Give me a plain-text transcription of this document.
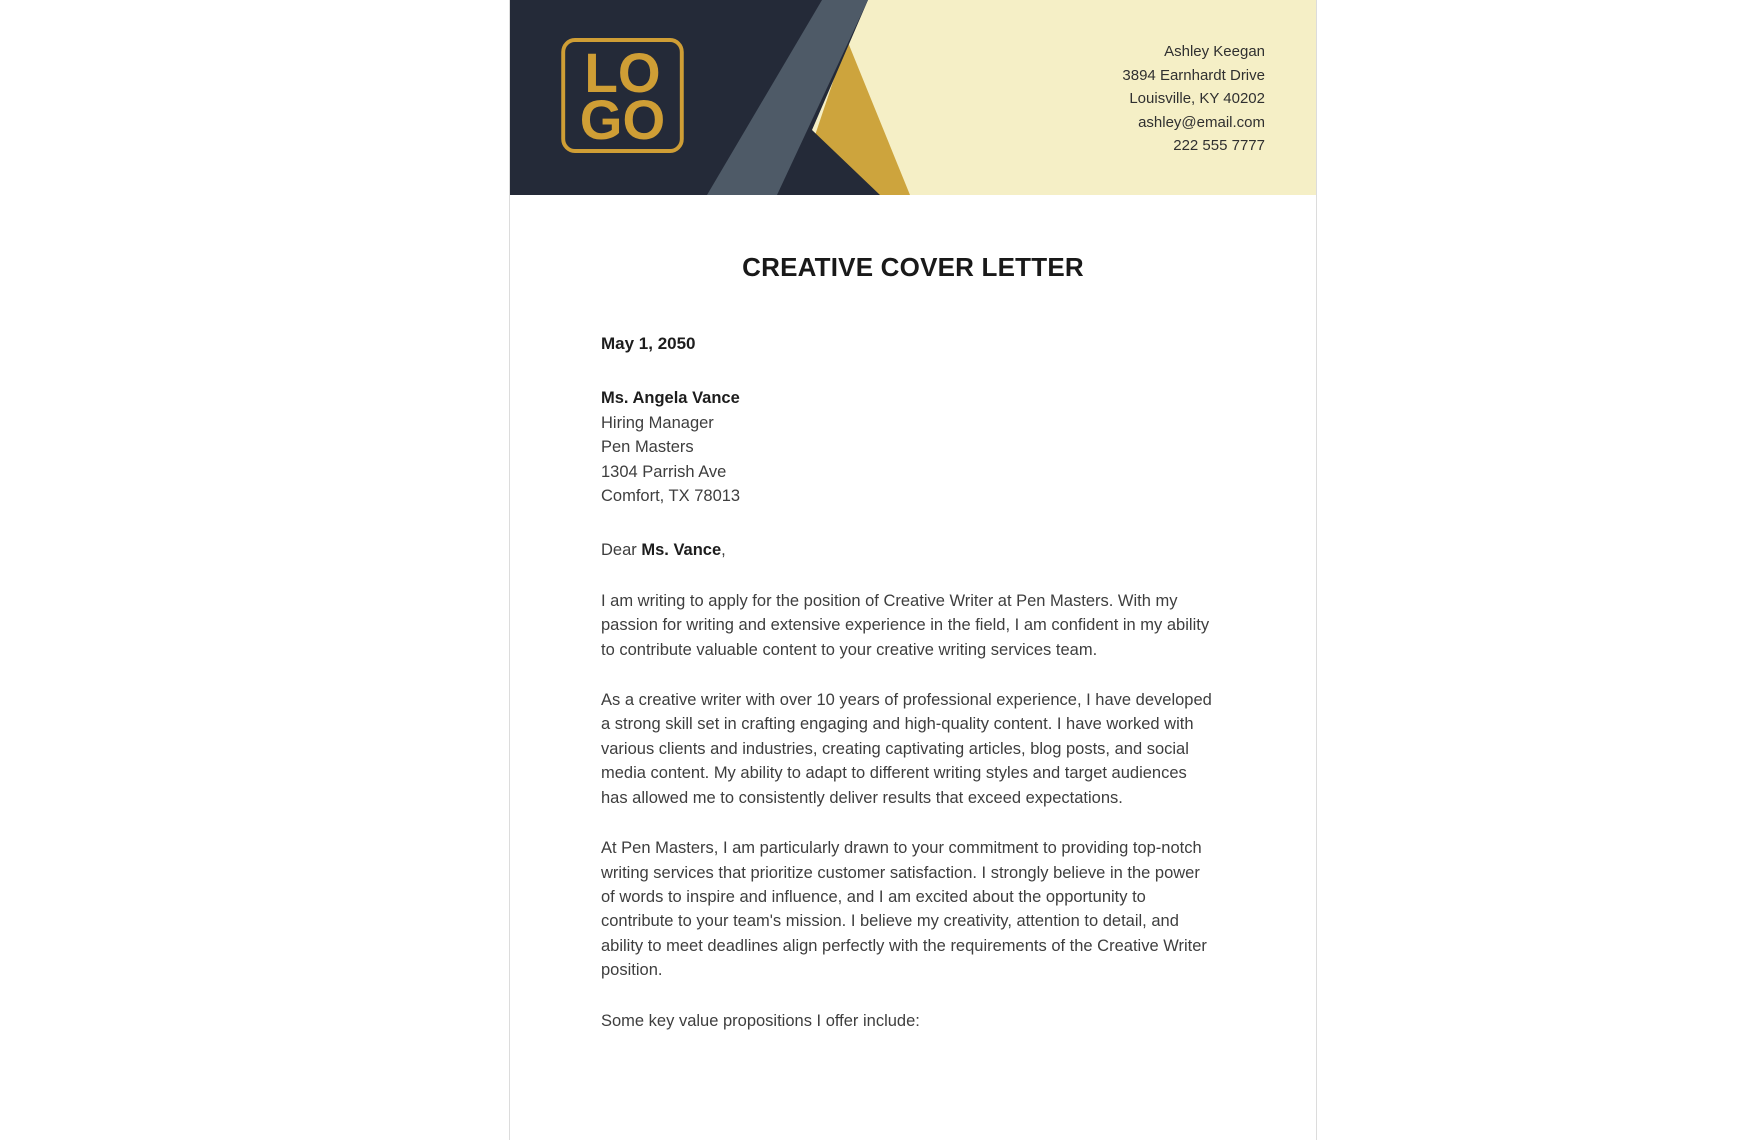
LO
GO
Ashley Keegan
3894 Earnhardt Drive
Louisville, KY 40202
ashley@email.com
222 555 7777
CREATIVE COVER LETTER
May 1, 2050
Ms. Angela Vance
Hiring Manager
Pen Masters
1304 Parrish Ave
Comfort, TX 78013
Dear Ms. Vance,
I am writing to apply for the position of Creative Writer at Pen Masters. With my passion for writing and extensive experience in the field, I am confident in my ability to contribute valuable content to your creative writing services team.
As a creative writer with over 10 years of professional experience, I have developed a strong skill set in crafting engaging and high-quality content. I have worked with various clients and industries, creating captivating articles, blog posts, and social media content. My ability to adapt to different writing styles and target audiences has allowed me to consistently deliver results that exceed expectations.
At Pen Masters, I am particularly drawn to your commitment to providing top-notch writing services that prioritize customer satisfaction. I strongly believe in the power of words to inspire and influence, and I am excited about the opportunity to contribute to your team's mission. I believe my creativity, attention to detail, and ability to meet deadlines align perfectly with the requirements of the Creative Writer position.
Some key value propositions I offer include:
